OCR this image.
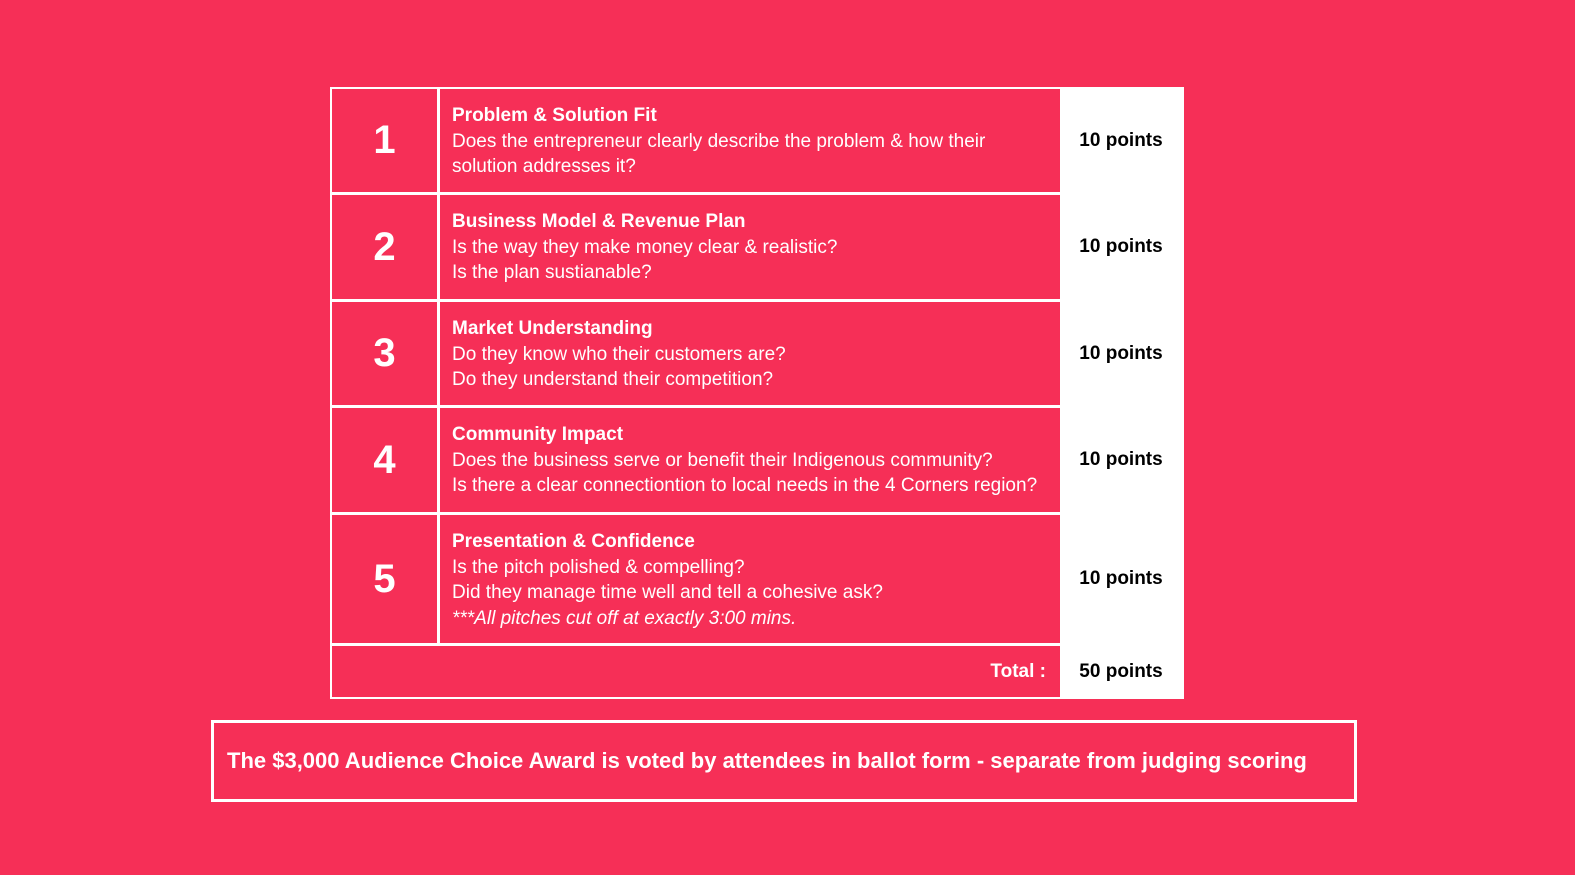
1
Problem & Solution Fit
Does the entrepreneur clearly describe the problem & how their solution addresses it?
10 points
2
Business Model & Revenue Plan
Is the way they make money clear & realistic?
Is the plan sustianable?
10 points
3
Market Understanding
Do they know who their customers are?
Do they understand their competition?
10 points
4
Community Impact
Does the business serve or benefit their Indigenous community?
Is there a clear connectiontion to local needs in the 4 Corners region?
10 points
5
Presentation & Confidence
Is the pitch polished & compelling?
Did they manage time well and tell a cohesive ask?
***All pitches cut off at exactly 3:00 mins.
10 points
Total :	50 points
The $3,000 Audience Choice Award is voted by attendees in ballot form - separate from judging scoring
